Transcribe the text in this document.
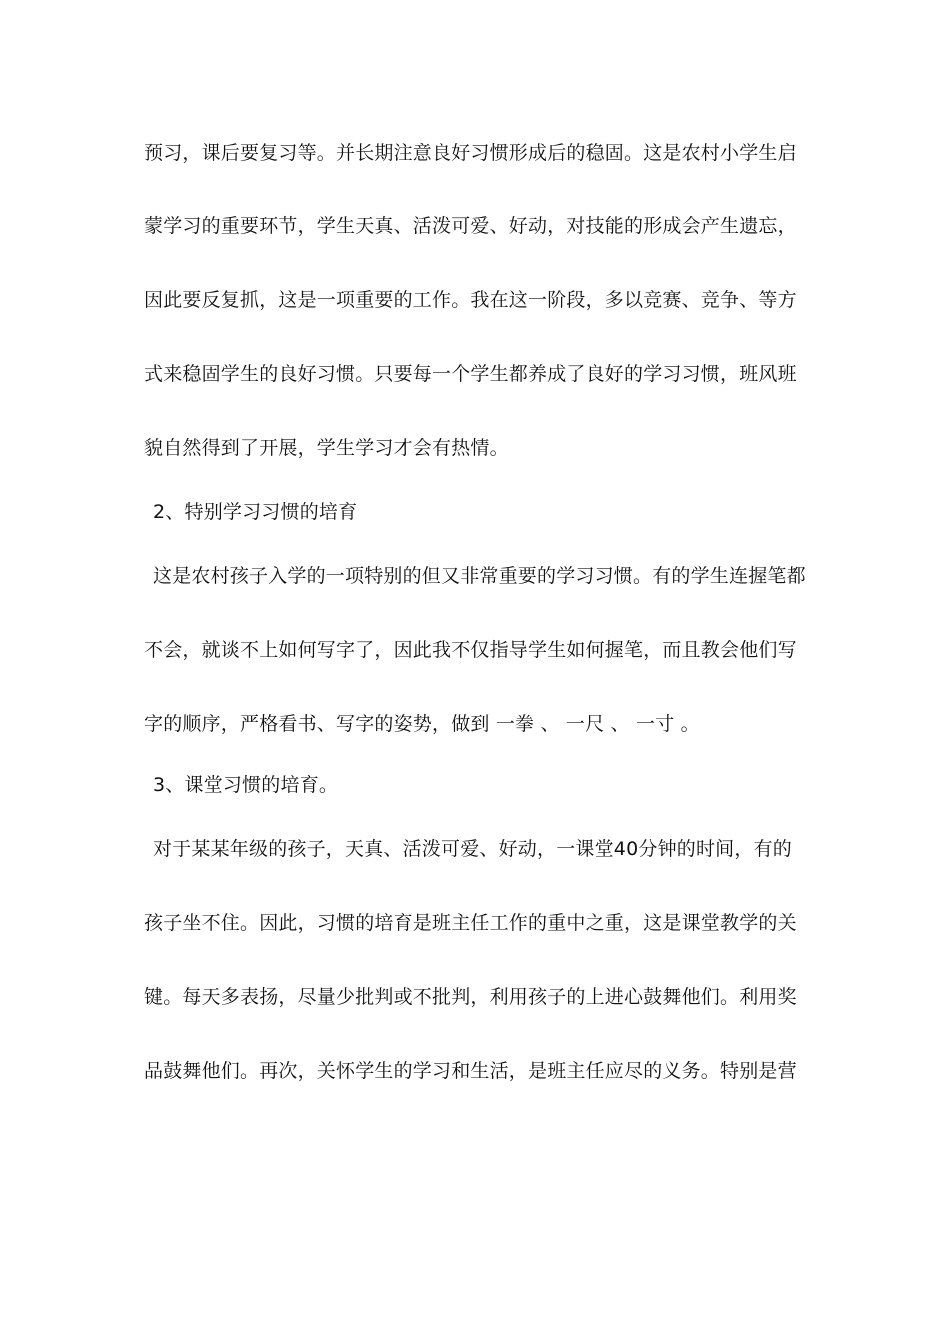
预习，课后要复习等。并长期注意良好习惯形成后的稳固。这是农村小学生启
蒙学习的重要环节，学生天真、活泼可爱、好动，对技能的形成会产生遗忘，
因此要反复抓，这是一项重要的工作。我在这一阶段，多以竞赛、竞争、等方
式来稳固学生的良好习惯。只要每一个学生都养成了良好的学习习惯，班风班
貌自然得到了开展，学生学习才会有热情。
2、特别学习习惯的培育
这是农村孩子入学的一项特别的但又非常重要的学习习惯。有的学生连握笔都
不会，就谈不上如何写字了，因此我不仅指导学生如何握笔，而且教会他们写
字的顺序，严格看书、写字的姿势，做到 一拳 、 一尺 、 一寸 。
3、课堂习惯的培育。
对于某某年级的孩子，天真、活泼可爱、好动，一课堂40分钟的时间，有的
孩子坐不住。因此，习惯的培育是班主任工作的重中之重，这是课堂教学的关
键。每天多表扬，尽量少批判或不批判，利用孩子的上进心鼓舞他们。利用奖
品鼓舞他们。再次，关怀学生的学习和生活，是班主任应尽的义务。特别是营
